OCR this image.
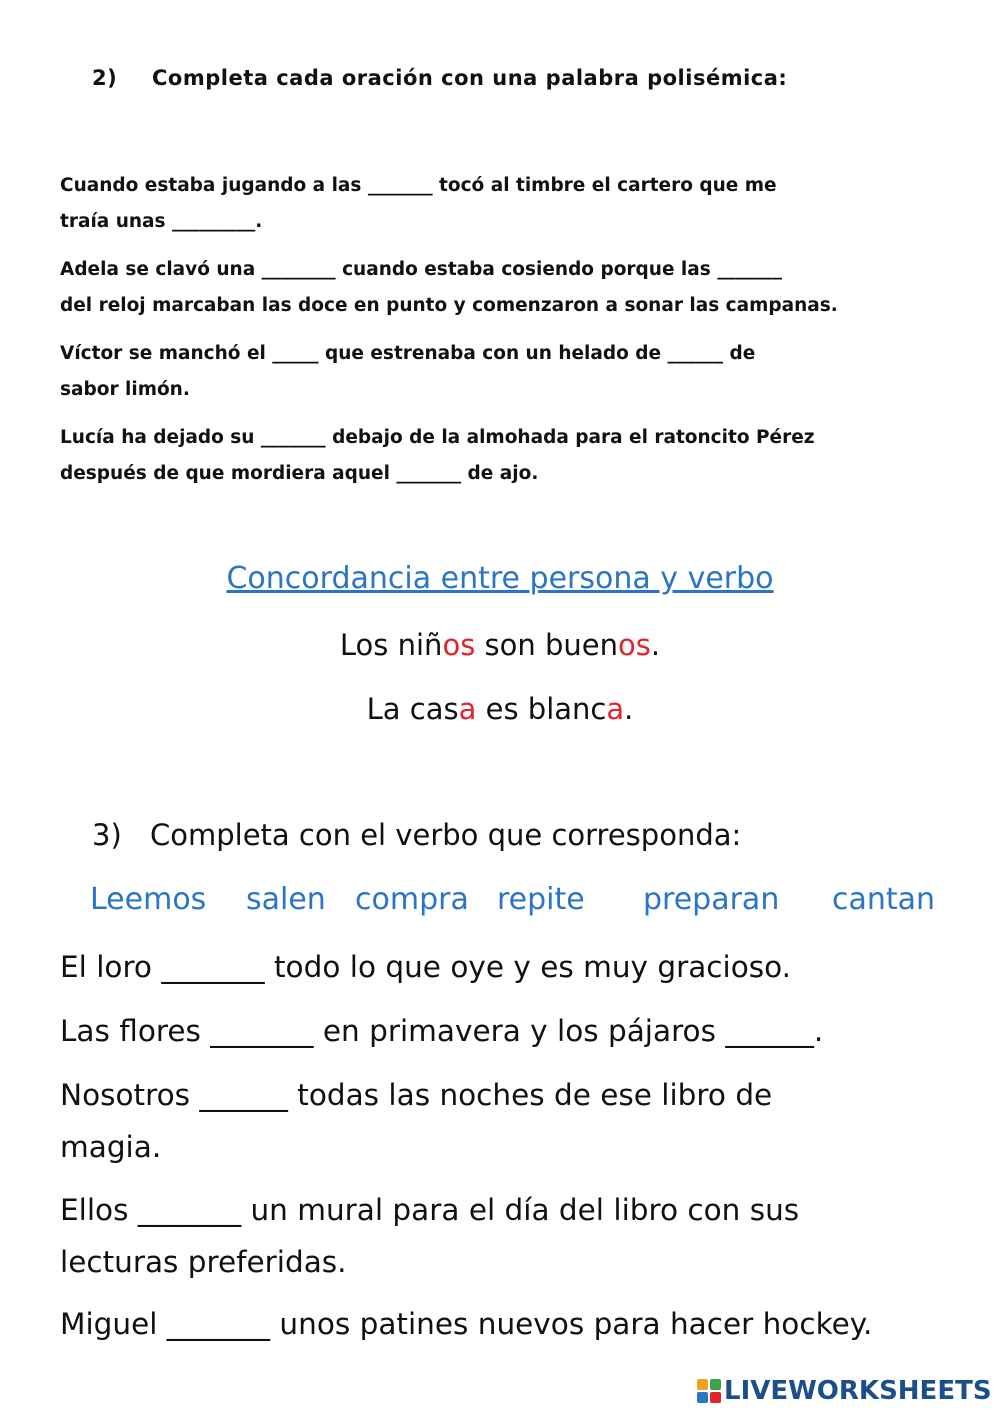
2) Completa cada oración con una palabra polisémica:
Cuando estaba jugando a las _______ tocó al timbre el cartero que me
traía unas _________.
Adela se clavó una ________ cuando estaba cosiendo porque las _______
del reloj marcaban las doce en punto y comenzaron a sonar las campanas.
Víctor se manchó el _____ que estrenaba con un helado de ______ de
sabor limón.
Lucía ha dejado su _______ debajo de la almohada para el ratoncito Pérez
después de que mordiera aquel _______ de ajo.
Concordancia entre persona y verbo
Los niños son buenos.
La casa es blanca.
3) Completa con el verbo que corresponda:
Leemos salen compra repite preparan cantan
El loro _______ todo lo que oye y es muy gracioso.
Las flores _______ en primavera y los pájaros ______.
Nosotros ______ todas las noches de ese libro de
magia.
Ellos _______ un mural para el día del libro con sus
lecturas preferidas.
Miguel _______ unos patines nuevos para hacer hockey.
LIVEWORKSHEETS
